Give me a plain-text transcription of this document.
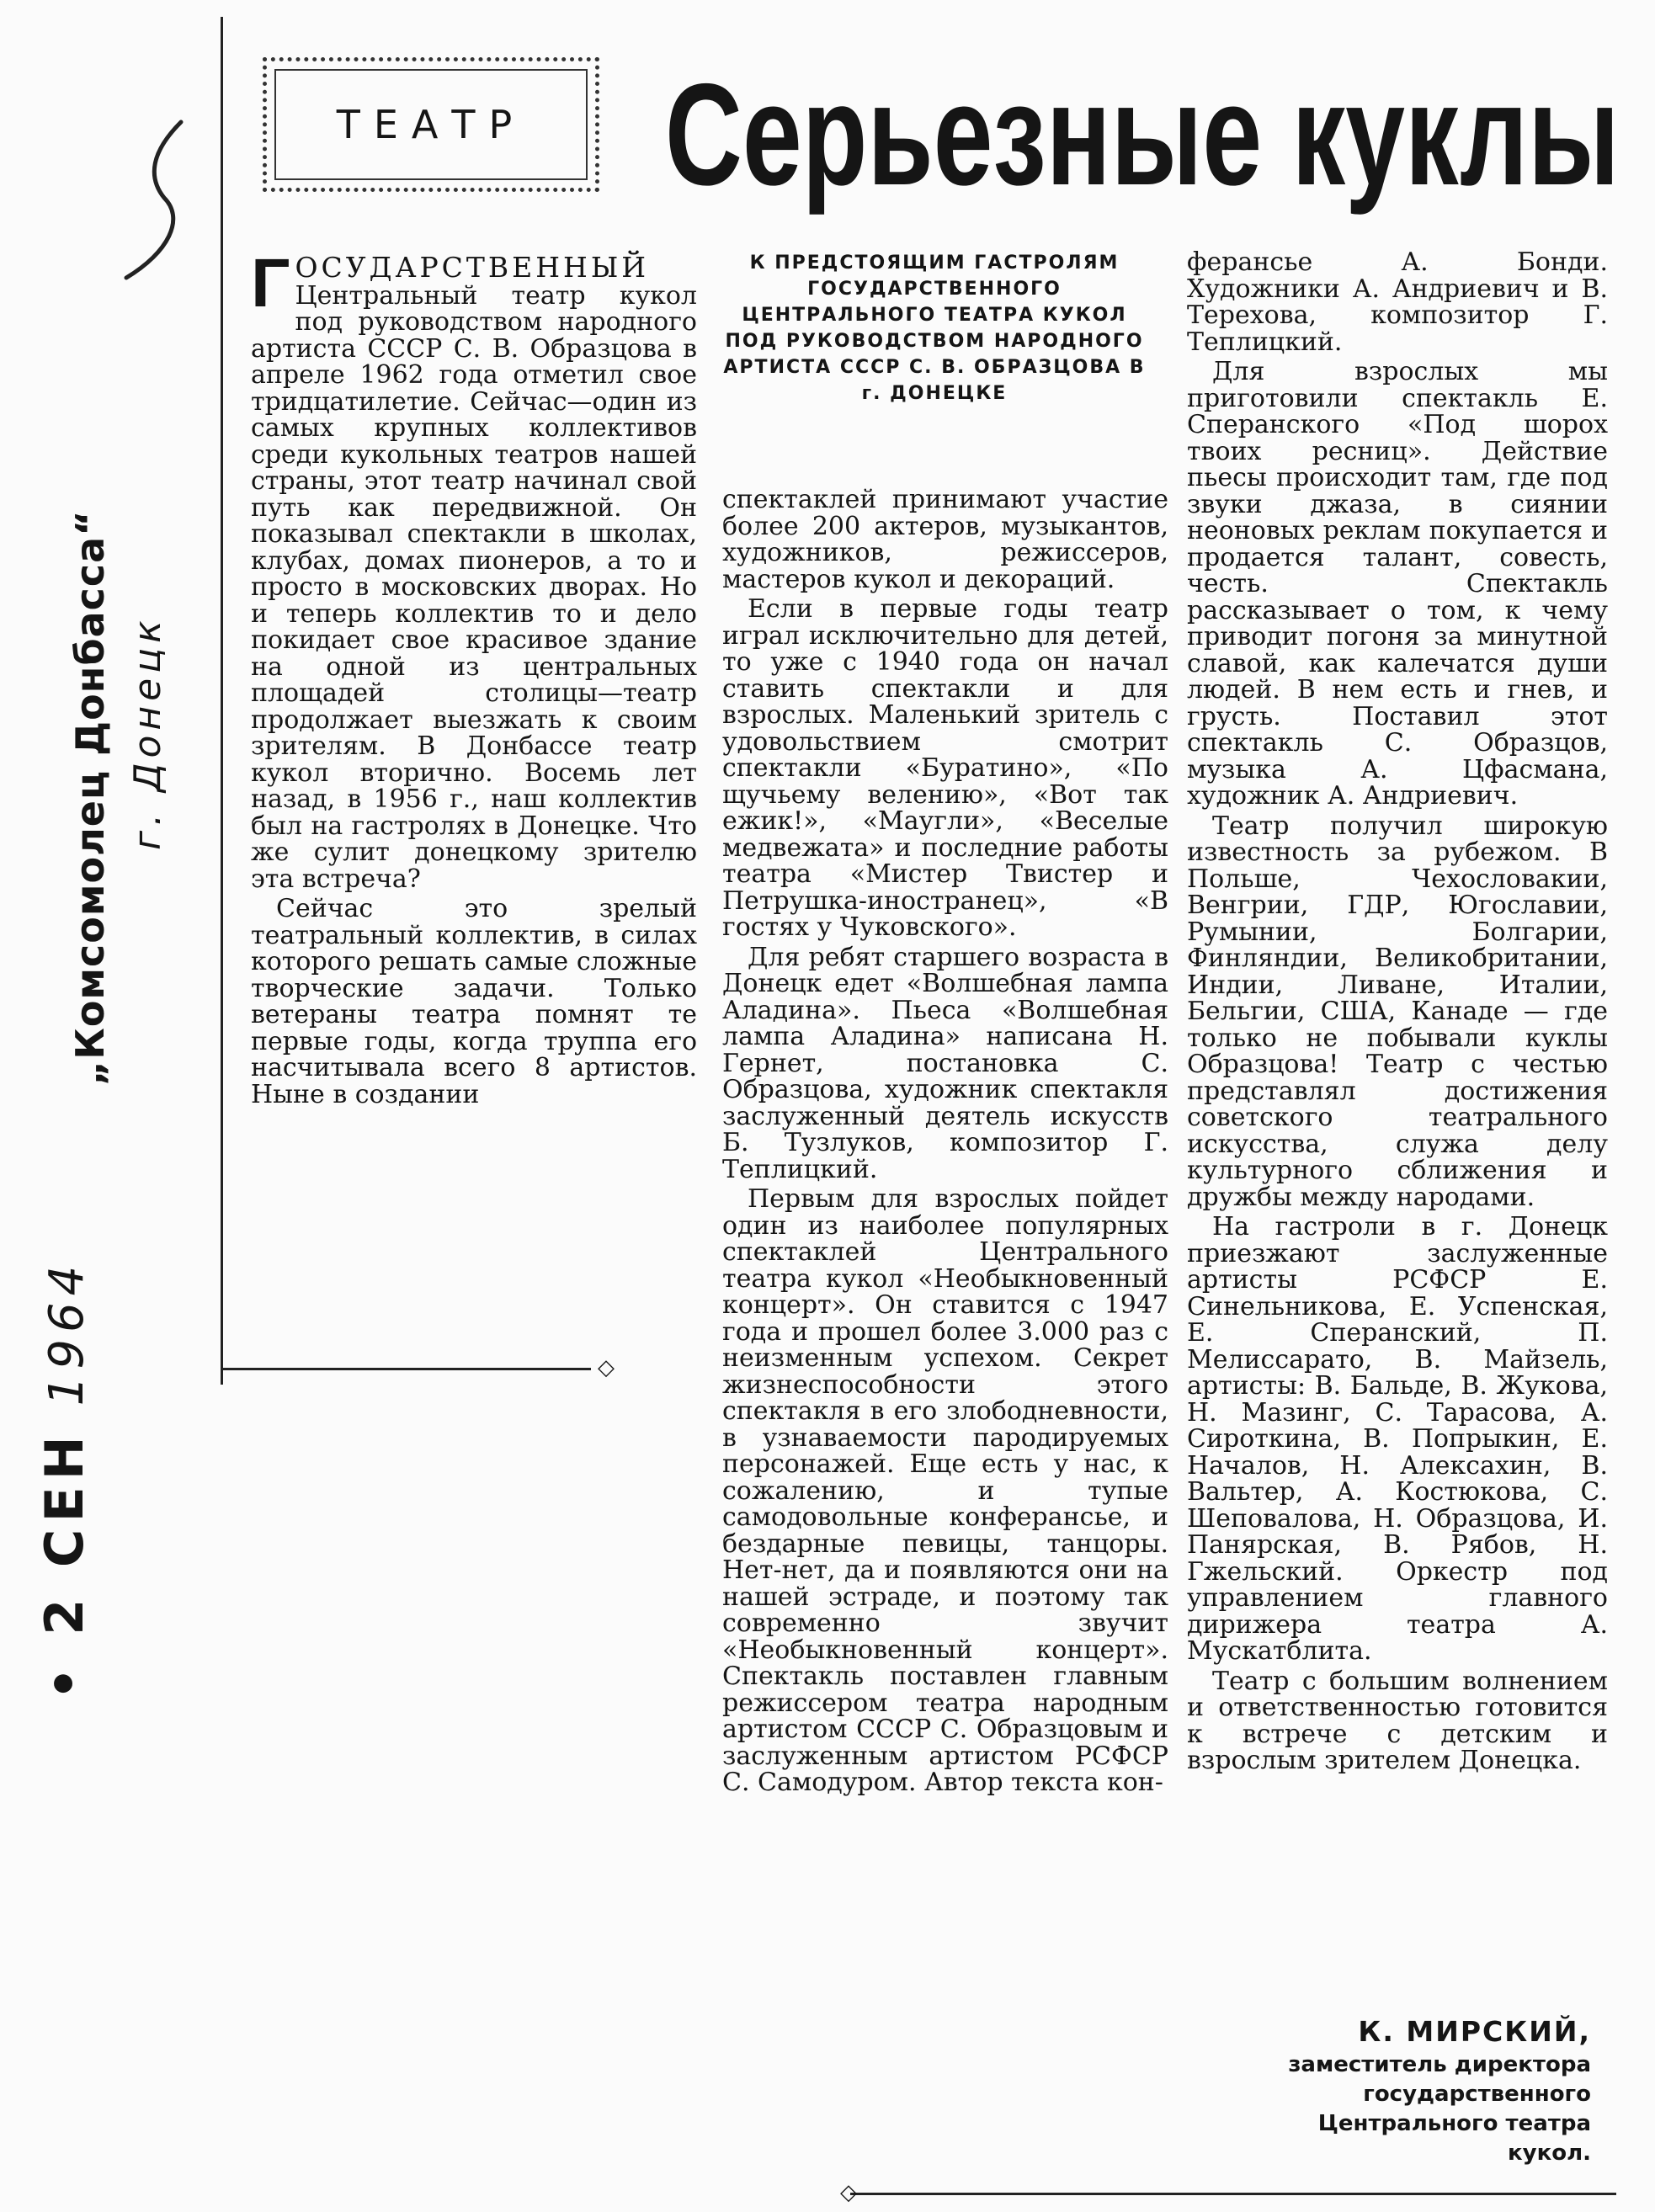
• 2 СЕН1964
„Комсомолец Донбасса“ г. Донецк
◇
◇
ТЕАТР Серьезные куклы
К ПРЕДСТОЯЩИМ ГАСТРОЛЯМ ГОСУДАРСТВЕННОГО ЦЕНТРАЛЬНОГО ТЕАТРА КУКОЛ ПОД РУКОВОДСТВОМ НАРОДНОГО АРТИСТА СССР С. В. ОБРАЗЦОВА В г. ДОНЕЦКЕ

ГОСУДАРСТВЕННЫЙ Центральный театр кукол под руководством народного артиста СССР С. В. Образцова в апреле 1962 года отметил свое тридцатилетие. Сейчас—один из самых крупных коллективов среди кукольных театров нашей страны, этот театр начинал свой путь как передвижной. Он показывал спектакли в школах, клубах, домах пионеров, а то и просто в московских дворах. Но и теперь коллектив то и дело покидает свое красивое здание на одной из центральных площадей столицы—театр продолжает выезжать к своим зрителям. В Донбассе театр кукол вторично. Восемь лет назад, в 1956 г., наш коллектив был на гастролях в Донецке. Что же сулит донецкому зрителю эта встреча?

Сейчас это зрелый театральный коллектив, в силах которого решать самые сложные творческие задачи. Только ветераны театра помнят те первые годы, когда труппа его насчитывала всего 8 артистов. Ныне в создании

спектаклей принимают участие более 200 актеров, музыкантов, художников, режиссеров, мастеров кукол и декораций.

Если в первые годы театр играл исключительно для детей, то уже с 1940 года он начал ставить спектакли и для взрослых. Маленький зритель с удовольствием смотрит спектакли «Буратино», «По щучьему велению», «Вот так ежик!», «Маугли», «Веселые медвежата» и последние работы театра «Мистер Твистер и Петрушка-иностранец», «В гостях у Чуковского».

Для ребят старшего возраста в Донецк едет «Волшебная лампа Аладина». Пьеса «Волшебная лампа Аладина» написана Н. Гернет, постановка С. Образцова, художник спектакля заслуженный деятель искусств Б. Тузлуков, композитор Г. Теплицкий.

Первым для взрослых пойдет один из наиболее популярных спектаклей Центрального театра кукол «Необыкновенный концерт». Он ставится с 1947 года и прошел более 3.000 раз с неизменным успехом. Секрет жизнеспособности этого спектакля в его злободневности, в узнаваемости пародируемых персонажей. Еще есть у нас, к сожалению, и тупые самодовольные конферансье, и бездарные певицы, танцоры. Нет-нет, да и появляются они на нашей эстраде, и поэтому так современно звучит «Необыкновенный концерт». Спектакль поставлен главным режиссером театра народным артистом СССР С. Образцовым и заслуженным артистом РСФСР С. Самодуром. Автор текста кон-

ферансье А. Бонди. Художники А. Андриевич и В. Терехова, композитор Г. Теплицкий.

Для взрослых мы приготовили спектакль Е. Сперанского «Под шорох твоих ресниц». Действие пьесы происходит там, где под звуки джаза, в сиянии неоновых реклам покупается и продается талант, совесть, честь. Спектакль рассказывает о том, к чему приводит погоня за минутной славой, как калечатся души людей. В нем есть и гнев, и грусть. Поставил этот спектакль С. Образцов, музыка А. Цфасмана, художник А. Андриевич.

Театр получил широкую известность за рубежом. В Польше, Чехословакии, Венгрии, ГДР, Югославии, Румынии, Болгарии, Финляндии, Великобритании, Индии, Ливане, Италии, Бельгии, США, Канаде — где только не побывали куклы Образцова! Театр с честью представлял достижения советского театрального искусства, служа делу культурного сближения и дружбы между народами.

На гастроли в г. Донецк приезжают заслуженные артисты РСФСР Е. Синельникова, Е. Успенская, Е. Сперанский, П. Мелиссарато, В. Майзель, артисты: В. Бальде, В. Жукова, Н. Мазинг, С. Тарасова, А. Сироткина, В. Попрыкин, Е. Началов, Н. Алексахин, В. Вальтер, А. Костюкова, С. Шеповалова, Н. Образцова, И. Панярская, В. Рябов, Н. Гжельский. Оркестр под управлением главного дирижера театра А. Мускатблита.

Театр с большим волнением и ответственностью готовится к встрече с детским и взрослым зрителем Донецка.

К. МИРСКИЙ,
заместитель директора
государственного
Центрального театра
кукол.
